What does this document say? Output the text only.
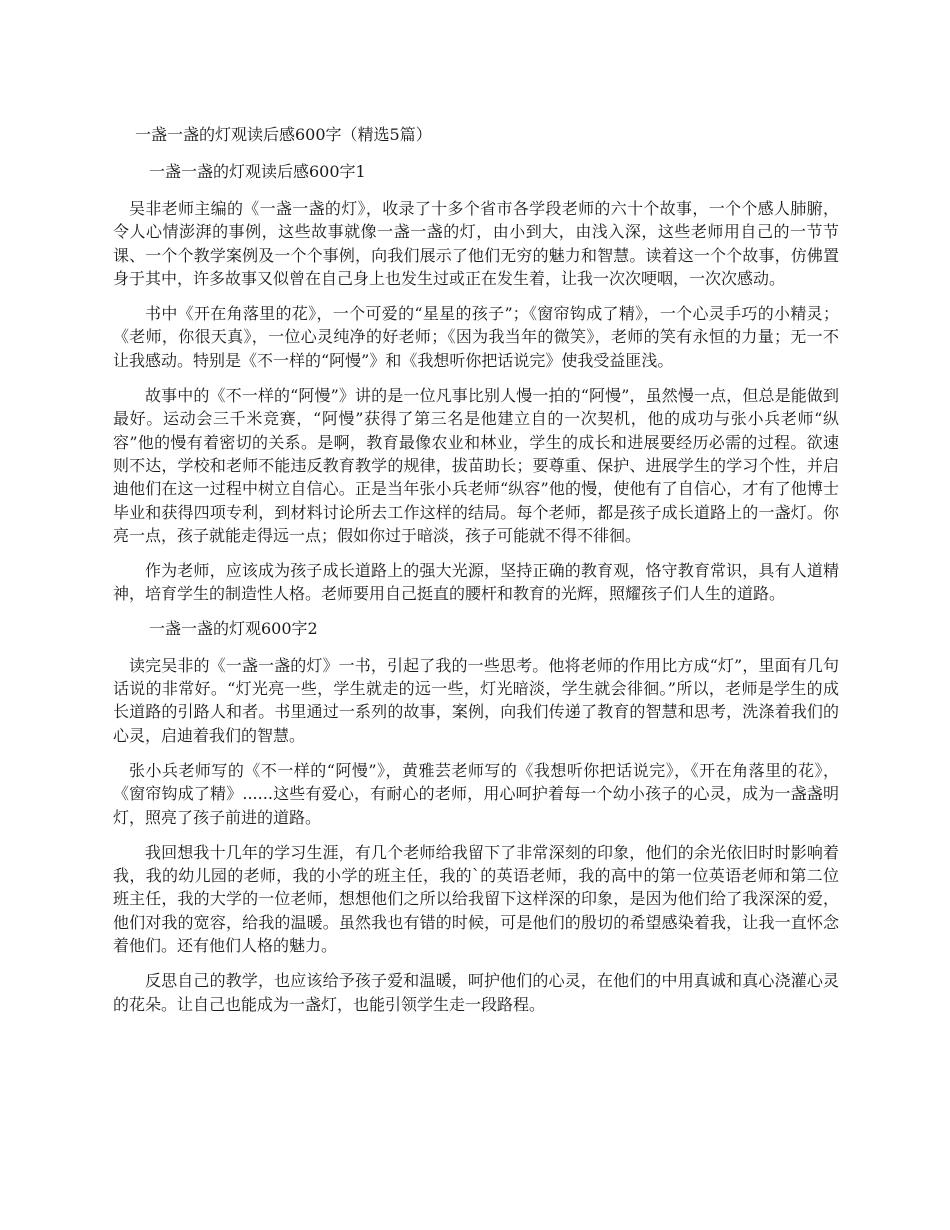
一盏一盏的灯观读后感600字（精选5篇）
一盏一盏的灯观读后感600字1

吴非老师主编的《一盏一盏的灯》，收录了十多个省市各学段老师的六十个故事，一个个感人肺腑，令人心情澎湃的事例，这些故事就像一盏一盏的灯，由小到大，由浅入深，这些老师用自己的一节节课、一个个教学案例及一个个事例，向我们展示了他们无穷的魅力和智慧。读着这一个个故事，仿佛置身于其中，许多故事又似曾在自己身上也发生过或正在发生着，让我一次次哽咽，一次次感动。

书中《开在角落里的花》，一个可爱的“星星的孩子”；《窗帘钩成了精》，一个心灵手巧的小精灵；《老师，你很天真》，一位心灵纯净的好老师；《因为我当年的微笑》，老师的笑有永恒的力量；无一不让我感动。特别是《不一样的“阿慢”》和《我想听你把话说完》使我受益匪浅。

故事中的《不一样的“阿慢”》讲的是一位凡事比别人慢一拍的“阿慢”，虽然慢一点，但总是能做到最好。运动会三千米竞赛，“阿慢”获得了第三名是他建立自的一次契机，他的成功与张小兵老师“纵容”他的慢有着密切的关系。是啊，教育最像农业和林业，学生的成长和进展要经历必需的过程。欲速则不达，学校和老师不能违反教育教学的规律，拔苗助长；要尊重、保护、进展学生的学习个性，并启迪他们在这一过程中树立自信心。正是当年张小兵老师“纵容”他的慢，使他有了自信心，才有了他博士毕业和获得四项专利，到材料讨论所去工作这样的结局。每个老师，都是孩子成长道路上的一盏灯。你亮一点，孩子就能走得远一点；假如你过于暗淡，孩子可能就不得不徘徊。

作为老师，应该成为孩子成长道路上的强大光源，坚持正确的教育观，恪守教育常识，具有人道精神，培育学生的制造性人格。老师要用自己挺直的腰杆和教育的光辉，照耀孩子们人生的道路。

一盏一盏的灯观600字2

读完吴非的《一盏一盏的灯》一书，引起了我的一些思考。他将老师的作用比方成“灯”，里面有几句话说的非常好。“灯光亮一些，学生就走的远一些，灯光暗淡，学生就会徘徊。”所以，老师是学生的成长道路的引路人和者。书里通过一系列的故事，案例，向我们传递了教育的智慧和思考，洗涤着我们的心灵，启迪着我们的智慧。

张小兵老师写的《不一样的“阿慢”》，黄雅芸老师写的《我想听你把话说完》，《开在角落里的花》，《窗帘钩成了精》......这些有爱心，有耐心的老师，用心呵护着每一个幼小孩子的心灵，成为一盏盏明灯，照亮了孩子前进的道路。

我回想我十几年的学习生涯，有几个老师给我留下了非常深刻的印象，他们的余光依旧时时影响着我，我的幼儿园的老师，我的小学的班主任，我的`的英语老师，我的高中的第一位英语老师和第二位班主任，我的大学的一位老师，想想他们之所以给我留下这样深的印象，是因为他们给了我深深的爱，他们对我的宽容，给我的温暖。虽然我也有错的时候，可是他们的殷切的希望感染着我，让我一直怀念着他们。还有他们人格的魅力。

反思自己的教学，也应该给予孩子爱和温暖，呵护他们的心灵，在他们的中用真诚和真心浇灌心灵的花朵。让自己也能成为一盏灯，也能引领学生走一段路程。
